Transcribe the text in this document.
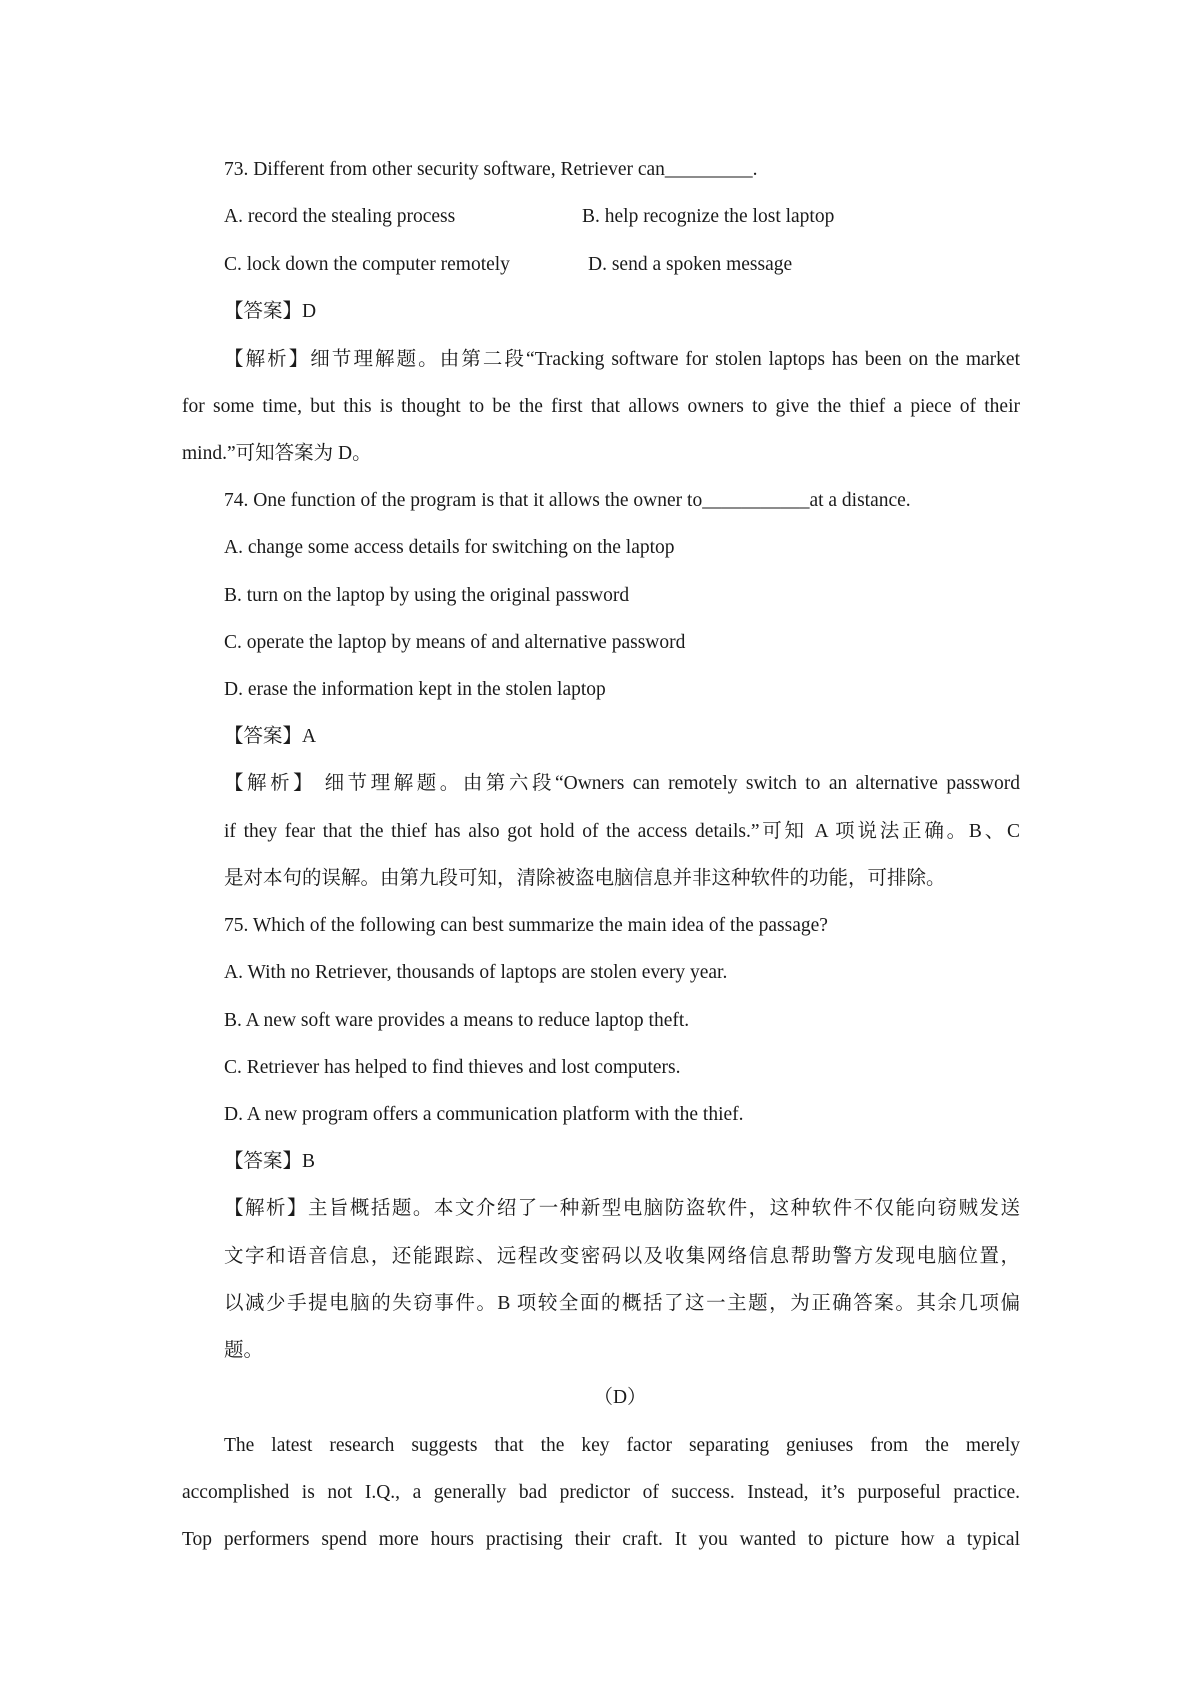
73. Different from other security software, Retriever can_________.
A. record the stealing process	B. help recognize the lost laptop
C. lock down the computer remotely	D. send a spoken message
【答案】D
【解析】细节理解题。由第二段“Tracking software for stolen laptops has been on the market
for some time, but this is thought to be the first that allows owners to give the thief a piece of their
mind.”可知答案为 D。
74. One function of the program is that it allows the owner to___________at a distance.
A. change some access details for switching on the laptop
B. turn on the laptop by using the original password
C. operate the laptop by means of and alternative password
D. erase the information kept in the stolen laptop
【答案】A
【解析】 细节理解题。由第六段“Owners can remotely switch to an alternative password
if they fear that the thief has also got hold of the access details.”可知 A 项说法正确。B、C
是对本句的误解。由第九段可知，清除被盗电脑信息并非这种软件的功能，可排除。
75. Which of the following can best summarize the main idea of the passage?
A. With no Retriever, thousands of laptops are stolen every year.
B. A new soft ware provides a means to reduce laptop theft.
C. Retriever has helped to find thieves and lost computers.
D. A new program offers a communication platform with the thief.
【答案】B
【解析】主旨概括题。本文介绍了一种新型电脑防盗软件，这种软件不仅能向窃贼发送
文字和语音信息，还能跟踪、远程改变密码以及收集网络信息帮助警方发现电脑位置，
以减少手提电脑的失窃事件。B 项较全面的概括了这一主题，为正确答案。其余几项偏
题。
（D）
The latest research suggests that the key factor separating geniuses from the merely
accomplished is not I.Q., a generally bad predictor of success. Instead, it’s purposeful practice.
Top performers spend more hours practising their craft. It you wanted to picture how a typical
